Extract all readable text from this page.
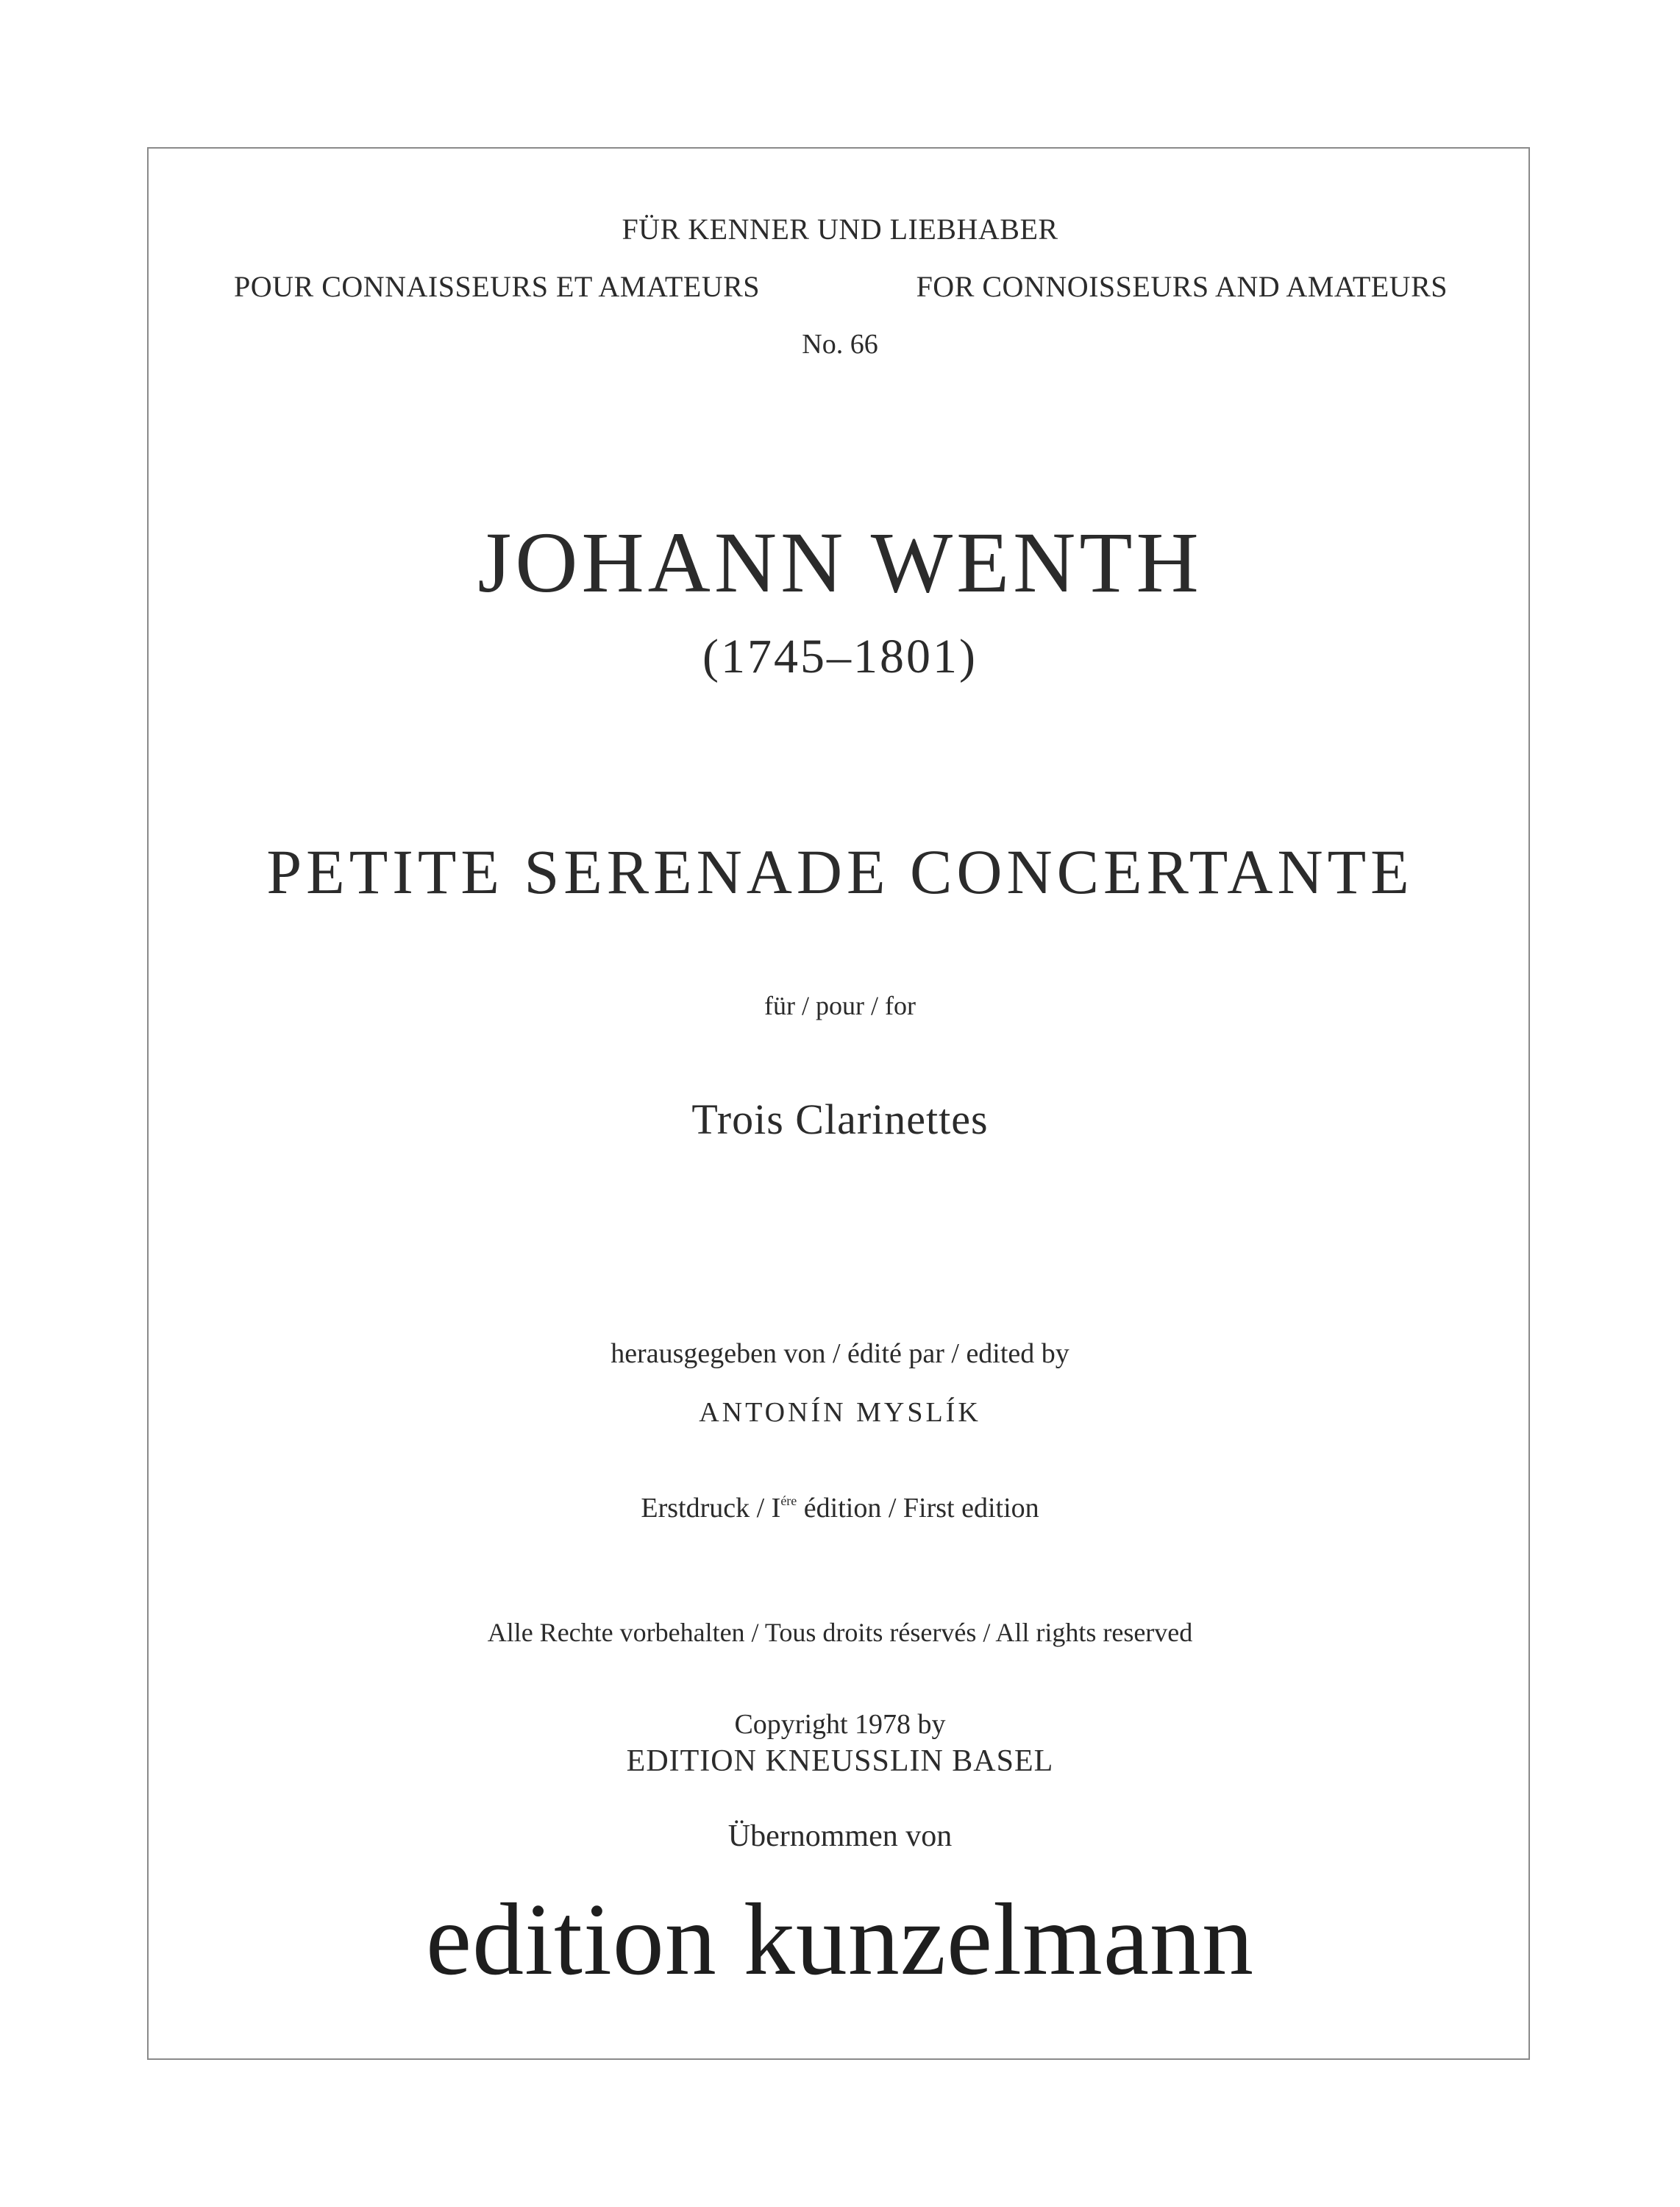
FÜR KENNER UND LIEBHABER

POUR CONNAISSEURS ET AMATEURS	FOR CONNOISSEURS AND AMATEURS

No. 66

JOHANN WENTH

(1745–1801)

PETITE SERENADE CONCERTANTE

für / pour / for

Trois Clarinettes

herausgegeben von / édité par / edited by

ANTONÍN MYSLÍK

Erstdruck / $I^{ére}$ édition / First edition

Alle Rechte vorbehalten / Tous droits réservés / All rights reserved

Copyright 1978 by

EDITION KNEUSSLIN BASEL

Übernommen von

edition kunzelmann
